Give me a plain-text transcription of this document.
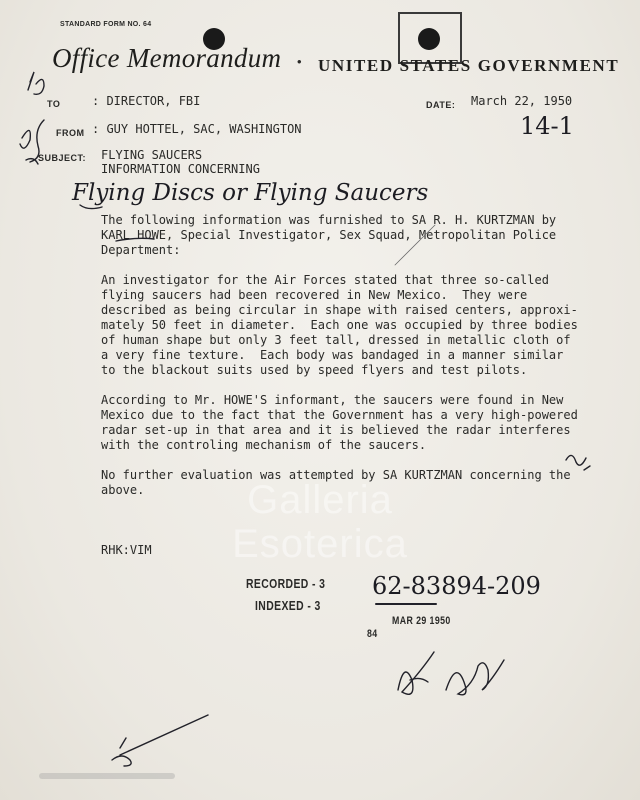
STANDARD FORM NO. 64
Office Memorandum • UNITED STATES GOVERNMENT
TO	: DIRECTOR, FBI	DATE: March 22, 1950
FROM : GUY HOTTEL, SAC, WASHINGTON
SUBJECT: FLYING SAUCERS
INFORMATION CONCERNING
Flying Discs or Flying Saucers
14-1
The following information was furnished to SA R. H. KURTZMAN by
KARL HOWE, Special Investigator, Sex Squad, Metropolitan Police
Department:
An investigator for the Air Forces stated that three so-called
flying saucers had been recovered in New Mexico.  They were
described as being circular in shape with raised centers, approxi-
mately 50 feet in diameter.  Each one was occupied by three bodies
of human shape but only 3 feet tall, dressed in metallic cloth of
a very fine texture.  Each body was bandaged in a manner similar
to the blackout suits used by speed flyers and test pilots.
According to Mr. HOWE'S informant, the saucers were found in New
Mexico due to the fact that the Government has a very high-powered
radar set-up in that area and it is believed the radar interferes
with the controling mechanism of the saucers.
No further evaluation was attempted by SA KURTZMAN concerning the
above.
RHK:VIM
RECORDED - 3
INDEXED - 3
62-83894-209
MAR 29 1950
84
Galleria
Esoterica
